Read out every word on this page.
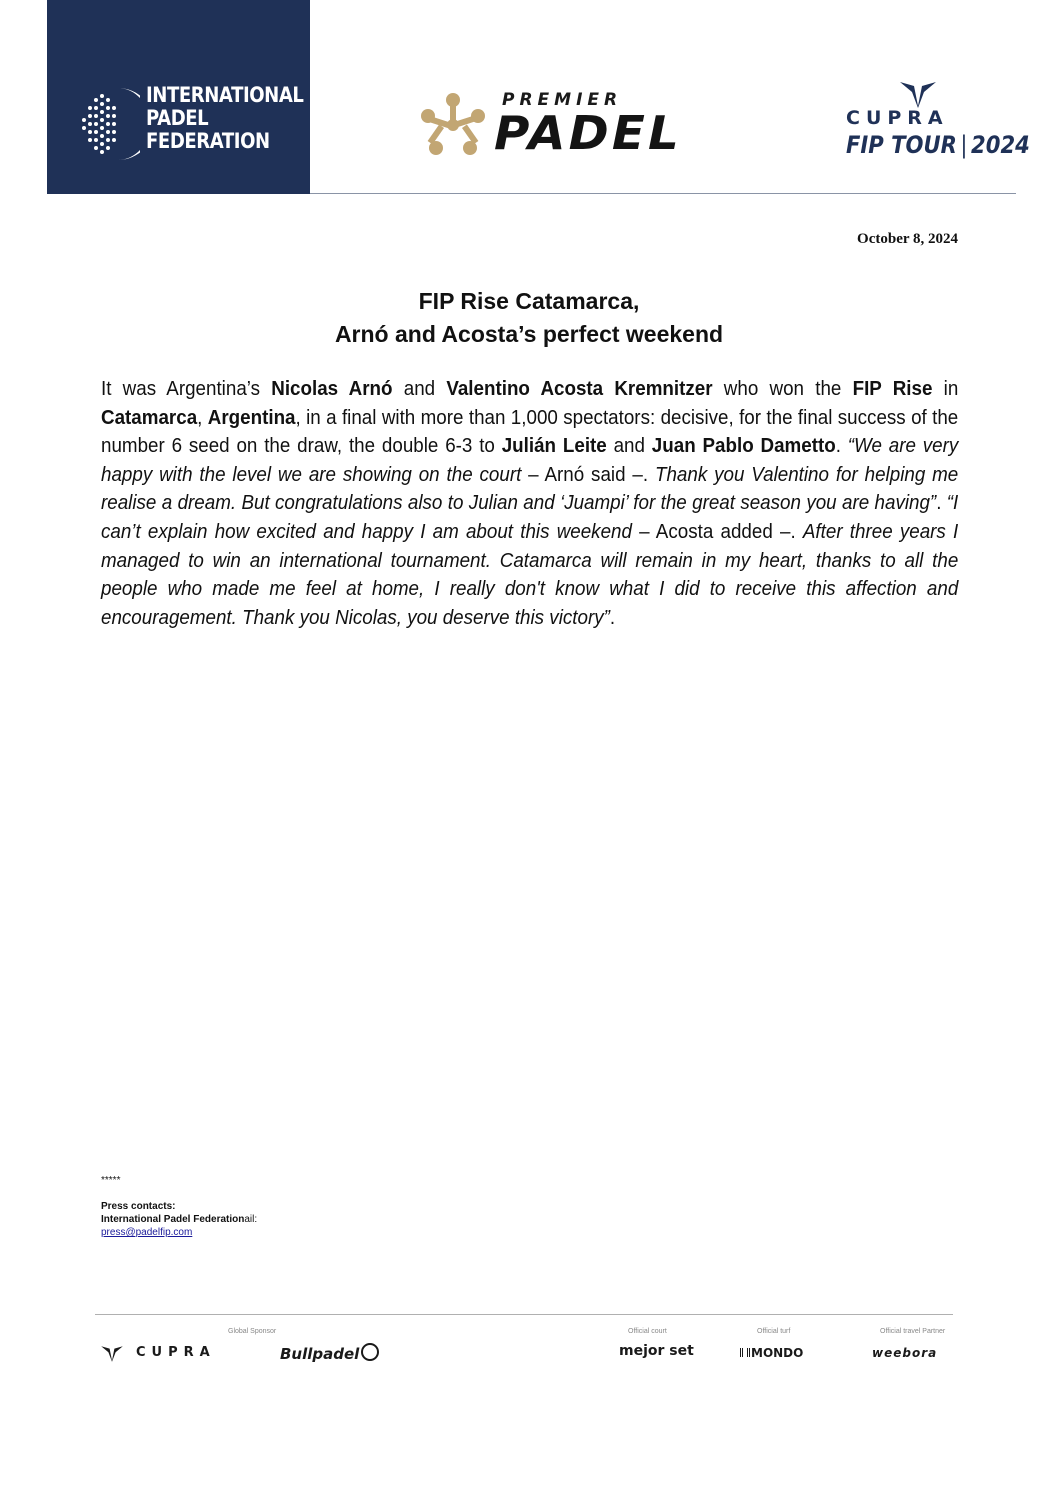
INTERNATIONAL
PADEL
FEDERATION
PREMIER
PADEL	CUPRA
FIP TOUR | 2024
October 8, 2024
FIP Rise Catamarca,
Arnó and Acosta’s perfect weekend
It was Argentina’s Nicolas Arnó and Valentino Acosta Kremnitzer who won the FIP Rise in Catamarca, Argentina, in a final with more than 1,000 spectators: decisive, for the final success of the number 6 seed on the draw, the double 6-3 to Julián Leite and Juan Pablo Dametto. “We are very happy with the level we are showing on the court – Arnó said –. Thank you Valentino for helping me realise a dream. But congratulations also to Julian and ‘Juampi’ for the great season you are having”. “I can’t explain how excited and happy I am about this weekend – Acosta added –. After three years I managed to win an international tournament. Catamarca will remain in my heart, thanks to all the people who made me feel at home, I really don't know what I did to receive this affection and encouragement. Thank you Nicolas, you deserve this victory”.
*****
Press contacts:
International Padel Federationail:
press@padelfip.com
Global Sponsor	Official court	Official turf	Official travel Partner
CUPRA	Bullpadel	mejor set	MONDO	weebora
